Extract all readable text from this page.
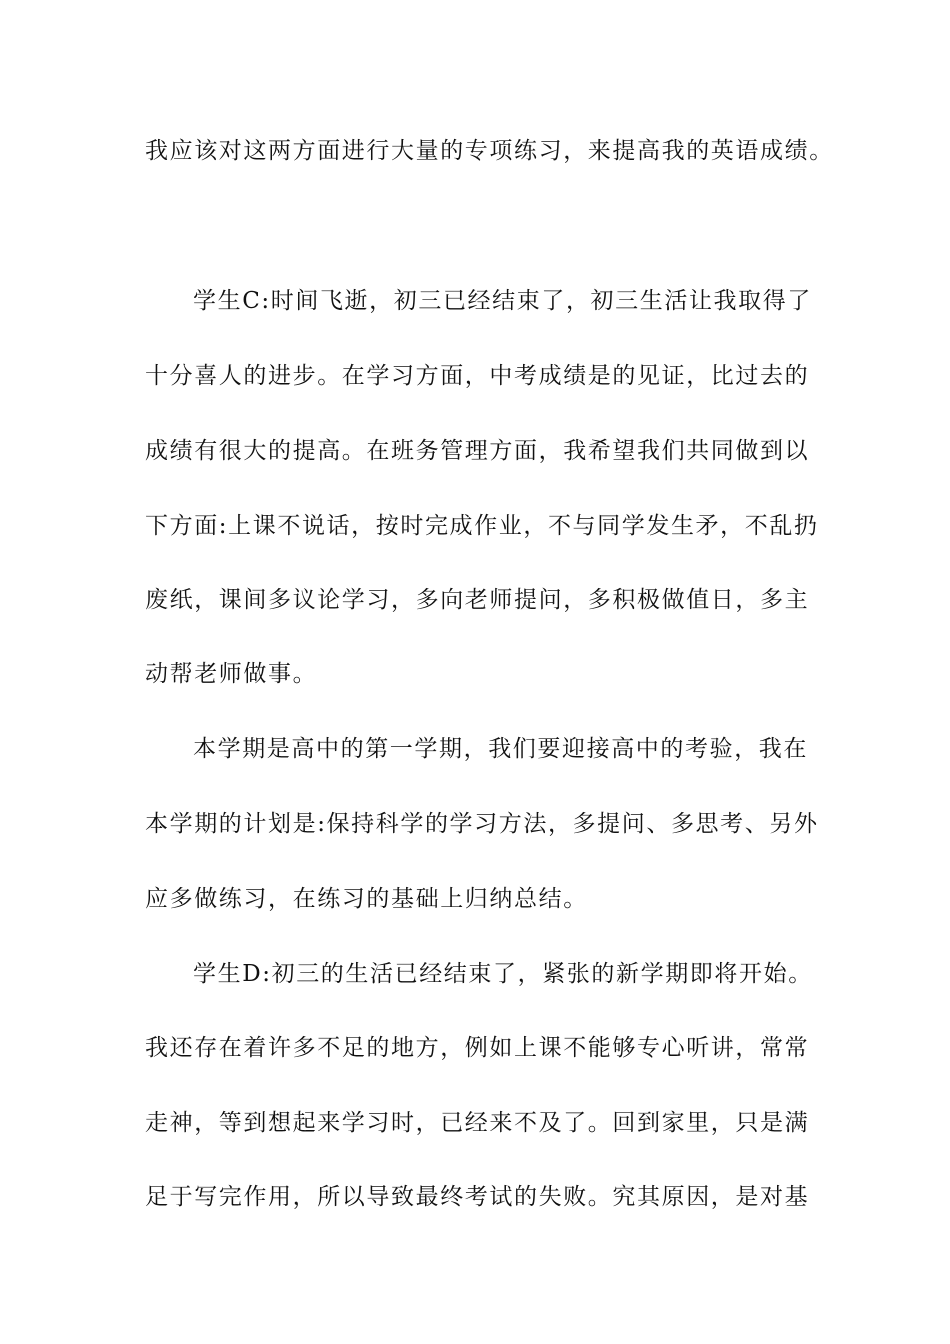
我应该对这两方面进行大量的专项练习，来提高我的英语成绩。
学生C:时间飞逝，初三已经结束了，初三生活让我取得了
十分喜人的进步。在学习方面，中考成绩是的见证，比过去的
成绩有很大的提高。在班务管理方面，我希望我们共同做到以
下方面:上课不说话，按时完成作业，不与同学发生矛，不乱扔
废纸，课间多议论学习，多向老师提问，多积极做值日，多主
动帮老师做事。
本学期是高中的第一学期，我们要迎接高中的考验，我在
本学期的计划是:保持科学的学习方法，多提问、多思考、另外
应多做练习，在练习的基础上归纳总结。
学生D:初三的生活已经结束了，紧张的新学期即将开始。
我还存在着许多不足的地方，例如上课不能够专心听讲，常常
走神，等到想起来学习时，已经来不及了。回到家里，只是满
足于写完作用，所以导致最终考试的失败。究其原因，是对基
